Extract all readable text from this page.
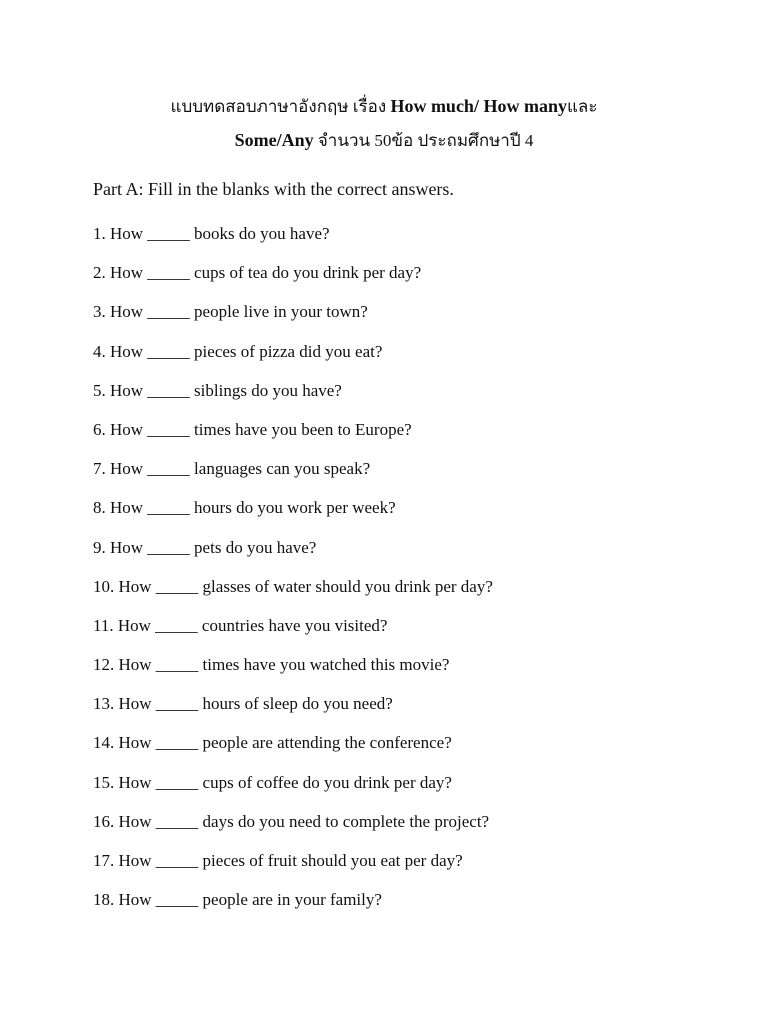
แบบทดสอบภาษาอังกฤษ เรื่อง How much/ How manyและ
Some/Any จำนวน 50ข้อ ประถมศึกษาปี 4
Part A: Fill in the blanks with the correct answers.
1. How _____ books do you have?
2. How _____ cups of tea do you drink per day?
3. How _____ people live in your town?
4. How _____ pieces of pizza did you eat?
5. How _____ siblings do you have?
6. How _____ times have you been to Europe?
7. How _____ languages can you speak?
8. How _____ hours do you work per week?
9. How _____ pets do you have?
10. How _____ glasses of water should you drink per day?
11. How _____ countries have you visited?
12. How _____ times have you watched this movie?
13. How _____ hours of sleep do you need?
14. How _____ people are attending the conference?
15. How _____ cups of coffee do you drink per day?
16. How _____ days do you need to complete the project?
17. How _____ pieces of fruit should you eat per day?
18. How _____ people are in your family?
